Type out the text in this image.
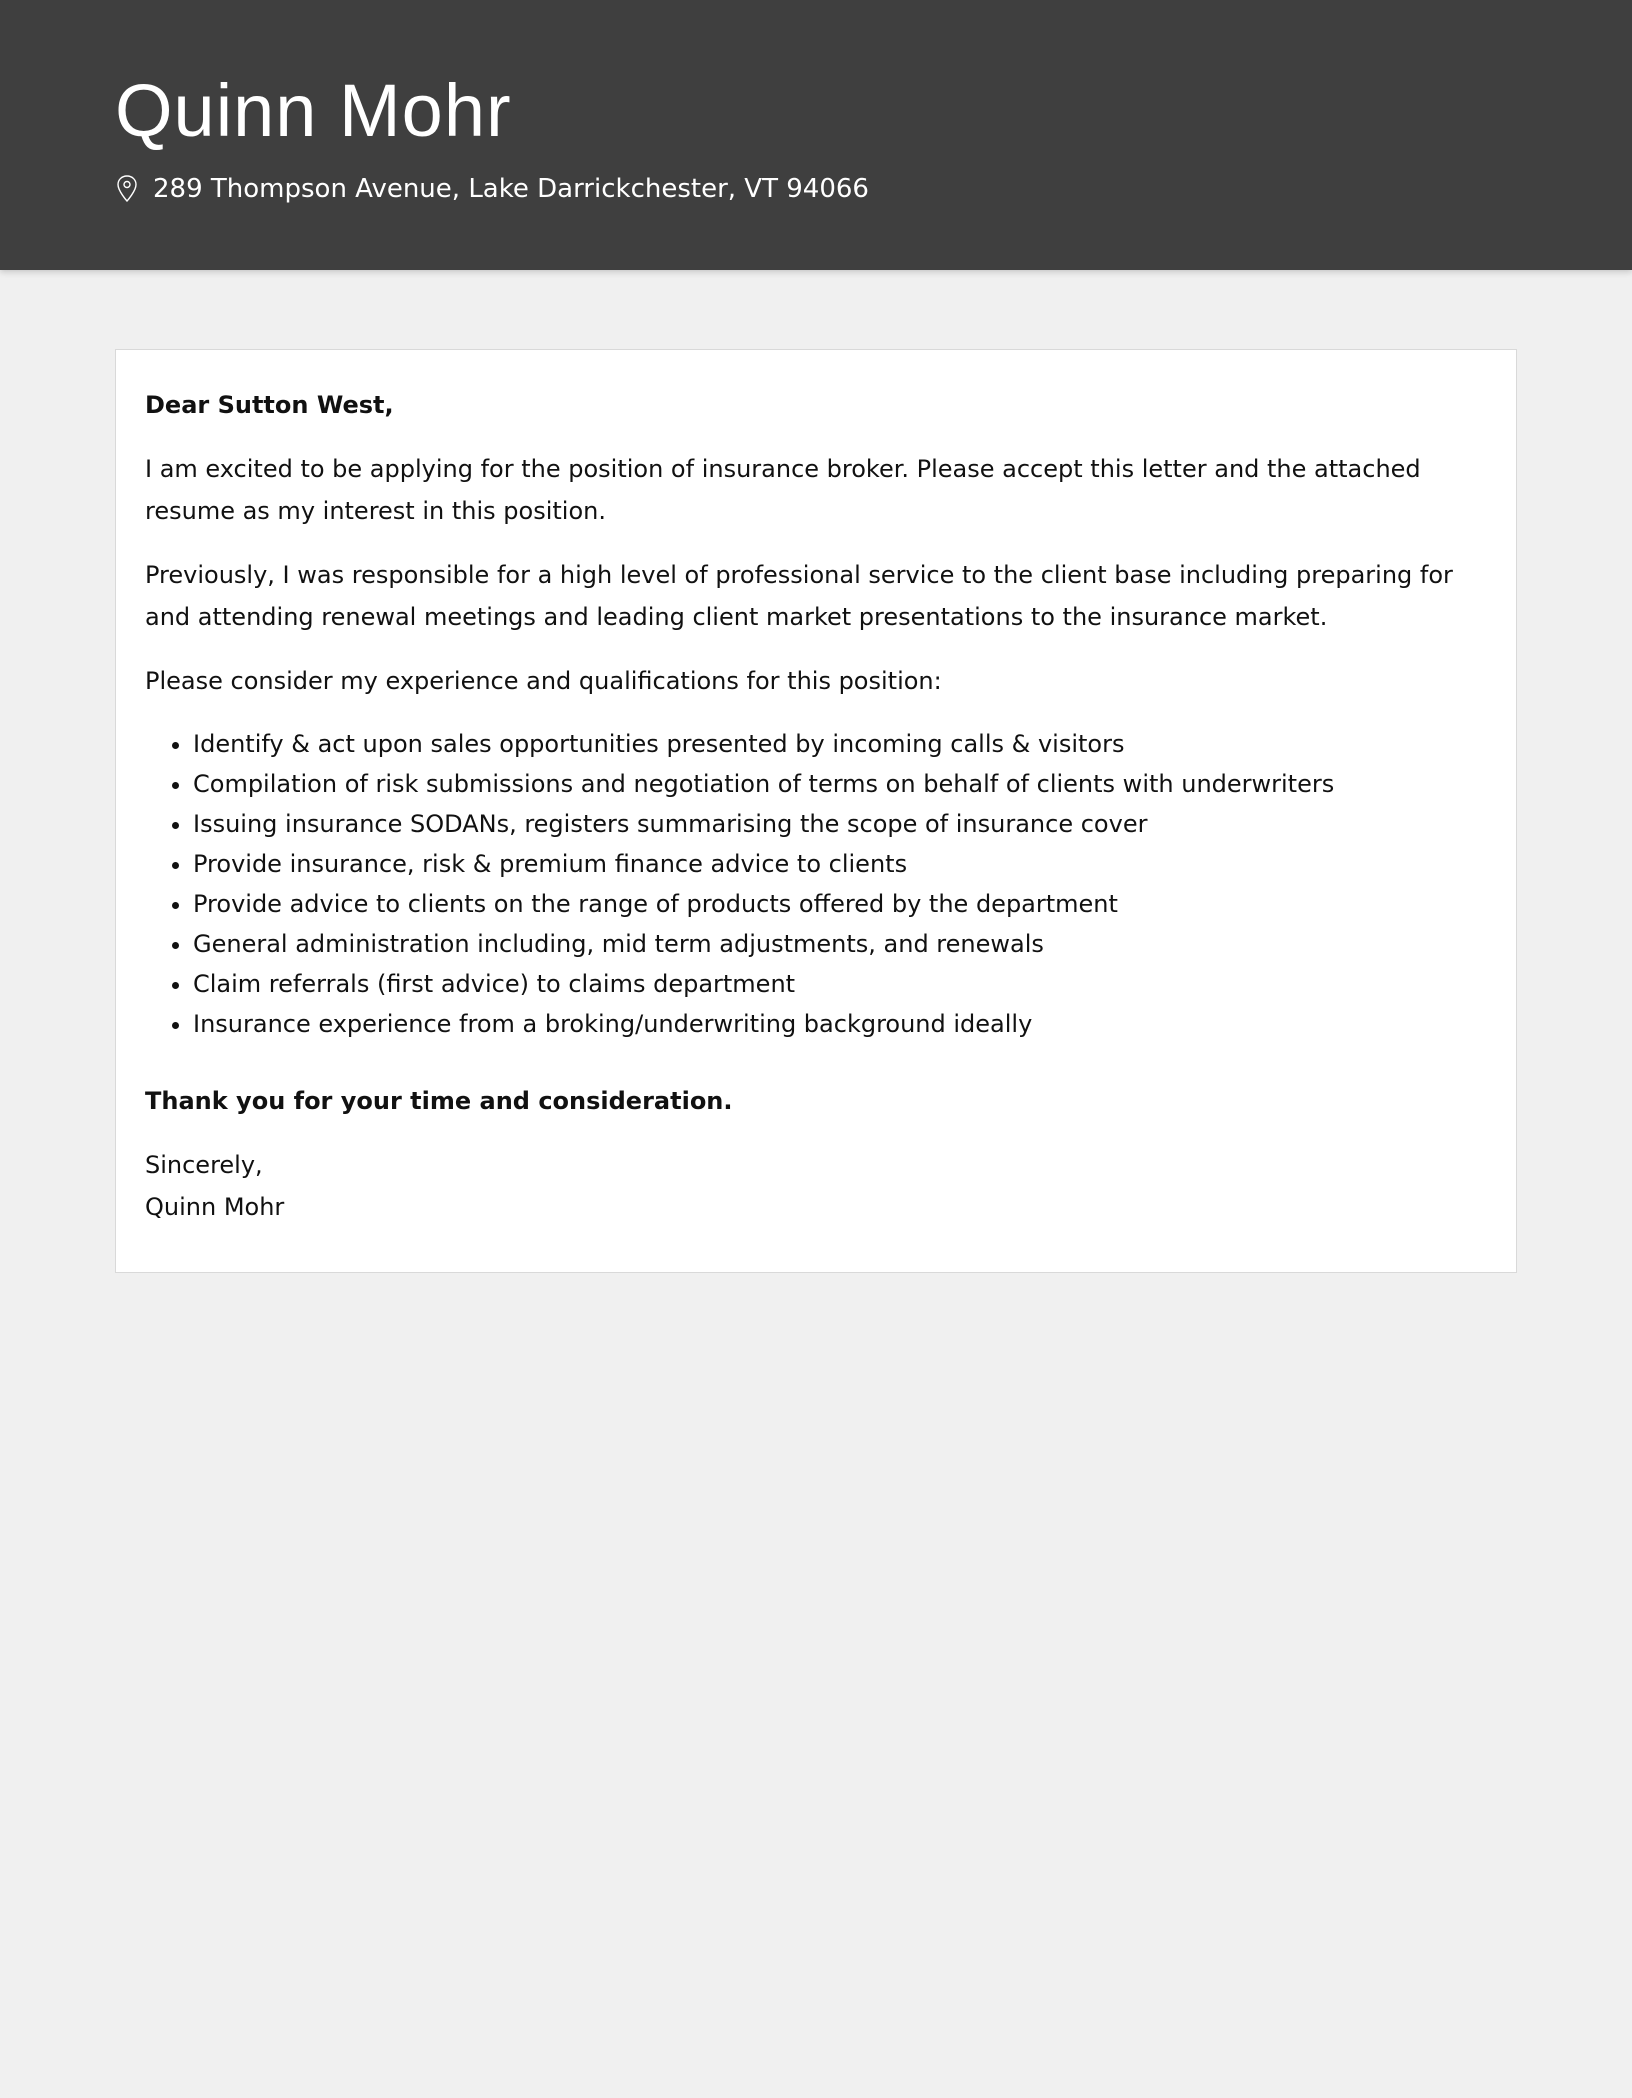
Quinn Mohr
289 Thompson Avenue, Lake Darrickchester, VT 94066

Dear Sutton West,

I am excited to be applying for the position of insurance broker. Please accept this letter and the attached resume as my interest in this position.

Previously, I was responsible for a high level of professional service to the client base including preparing for and attending renewal meetings and leading client market presentations to the insurance market.

Please consider my experience and qualifications for this position:

• Identify & act upon sales opportunities presented by incoming calls & visitors
• Compilation of risk submissions and negotiation of terms on behalf of clients with underwriters
• Issuing insurance SODANs, registers summarising the scope of insurance cover
• Provide insurance, risk & premium finance advice to clients
• Provide advice to clients on the range of products offered by the department
• General administration including, mid term adjustments, and renewals
• Claim referrals (first advice) to claims department
• Insurance experience from a broking/underwriting background ideally

Thank you for your time and consideration.

Sincerely,

Quinn Mohr
